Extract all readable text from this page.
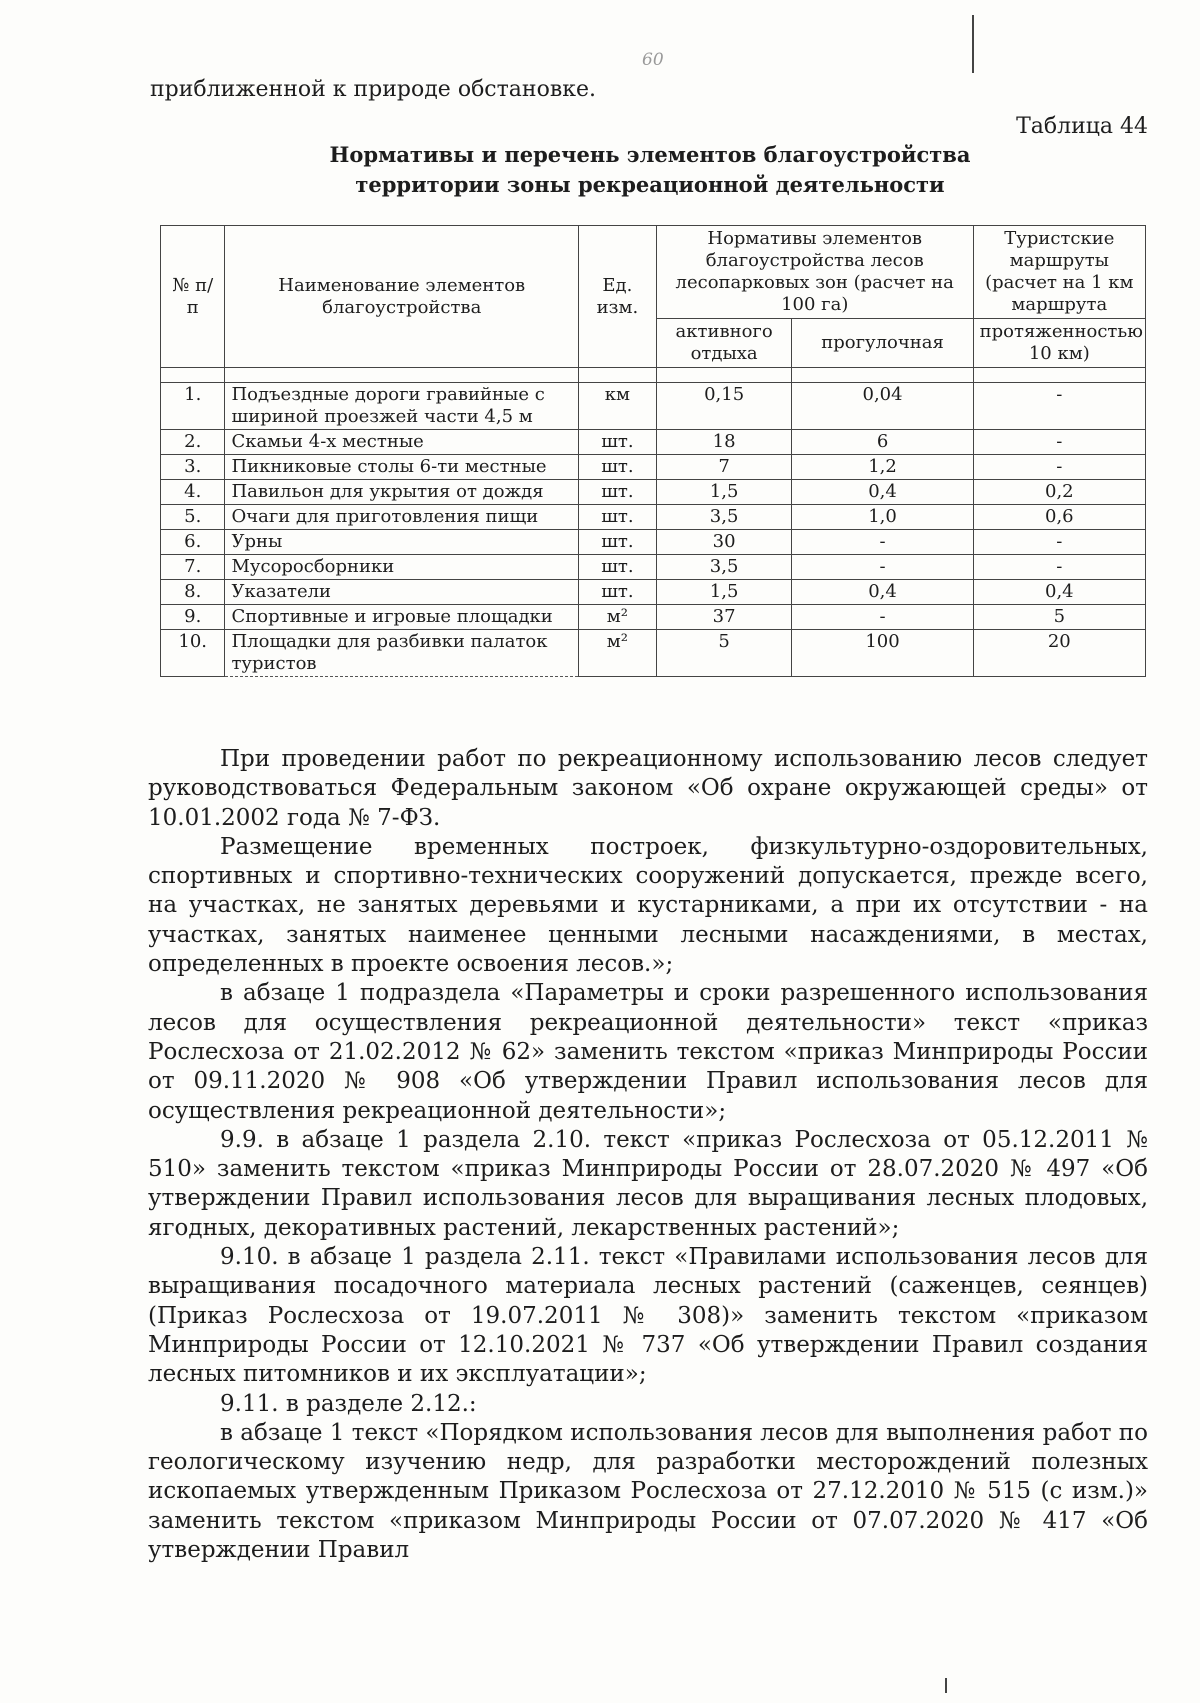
60

приближенной к природе обстановке.

Таблица 44

Нормативы и перечень элементов благоустройства
территории зоны рекреационной деятельности
№ п/п	Наименование элементов благоустройства	Ед. изм.	Нормативы элементов благоустройства лесов лесопарковых зон (расчет на 100 га)		Туристские маршруты (расчет на 1 км маршрута
			активного отдыха	прогулочная	протяженностью 10 км)

1.	Подъездные дороги гравийные с шириной проезжей части 4,5 м	км	0,15	0,04	-
2.	Скамьи 4-х местные	шт.	18	6	-
3.	Пикниковые столы 6-ти местные	шт.	7	1,2	-
4.	Павильон для укрытия от дождя	шт.	1,5	0,4	0,2
5.	Очаги для приготовления пищи	шт.	3,5	1,0	0,6
6.	Урны	шт.	30	-	-
7.	Мусоросборники	шт.	3,5	-	-
8.	Указатели	шт.	1,5	0,4	0,4
9.	Спортивные и игровые площадки	м²	37	-	5
10.	Площадки для разбивки палаток туристов	м²	5	100	20

При проведении работ по рекреационному использованию лесов следует руководствоваться Федеральным законом «Об охране окружающей среды» от 10.01.2002 года № 7-ФЗ.

Размещение временных построек, физкультурно-оздоровительных, спортивных и спортивно-технических сооружений допускается, прежде всего, на участках, не занятых деревьями и кустарниками, а при их отсутствии - на участках, занятых наименее ценными лесными насаждениями, в местах, определенных в проекте освоения лесов.»;

в абзаце 1 подраздела «Параметры и сроки разрешенного использования лесов для осуществления рекреационной деятельности» текст «приказ Рослесхоза от 21.02.2012 № 62» заменить текстом «приказ Минприроды России от 09.11.2020 № 908 «Об утверждении Правил использования лесов для осуществления рекреационной деятельности»;

9.9. в абзаце 1 раздела 2.10. текст «приказ Рослесхоза от 05.12.2011 № 510» заменить текстом «приказ Минприроды России от 28.07.2020 № 497 «Об утверждении Правил использования лесов для выращивания лесных плодовых, ягодных, декоративных растений, лекарственных растений»;

9.10. в абзаце 1 раздела 2.11. текст «Правилами использования лесов для выращивания посадочного материала лесных растений (саженцев, сеянцев) (Приказ Рослесхоза от 19.07.2011 № 308)» заменить текстом «приказом Минприроды России от 12.10.2021 № 737 «Об утверждении Правил создания лесных питомников и их эксплуатации»;

9.11. в разделе 2.12.:

в абзаце 1 текст «Порядком использования лесов для выполнения работ по геологическому изучению недр, для разработки месторождений полезных ископаемых утвержденным Приказом Рослесхоза от 27.12.2010 № 515 (с изм.)» заменить текстом «приказом Минприроды России от 07.07.2020 № 417 «Об утверждении Правил
